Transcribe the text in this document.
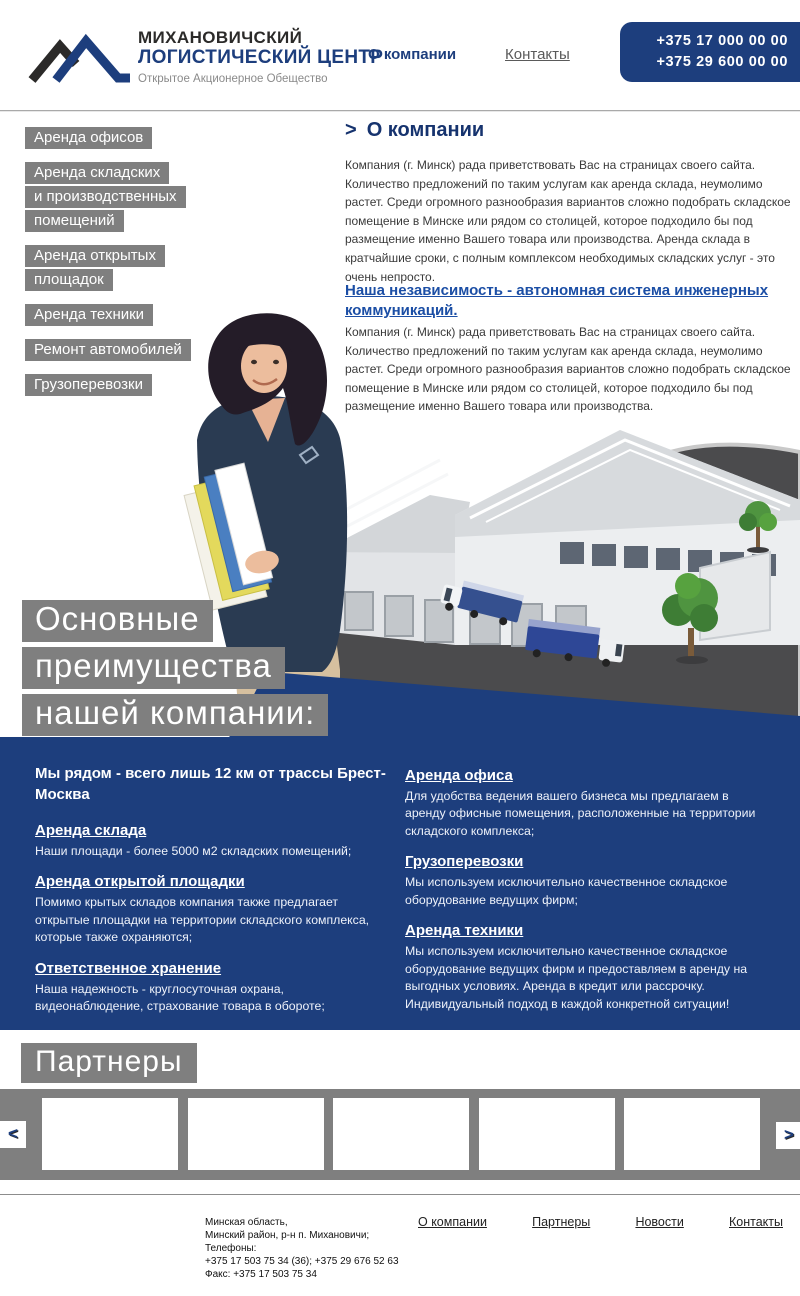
МИХАНОВИЧСКИЙ
ЛОГИСТИЧЕСКИЙ ЦЕНТР
Открытое Акционерное Обещество
О компании	Контакты
+375 17 000 00 00
+375 29 600 00 00
Аренда офисов
Аренда складских
и производственных
помещений
Аренда открытых
площадок
Аренда техники
Ремонт автомобилей
Грузоперевозки
> О компании
Компания (г. Минск) рада приветствовать Вас на страницах своего сайта. Количество предложений по таким услугам как аренда склада, неумолимо растет. Среди огромного разнообразия вариантов сложно подобрать складское помещение в Минске или рядом со столицей, которое подходило бы под размещение именно Вашего товара или производства. Аренда склада в кратчайшие сроки, с полным комплексом необходимых складских услуг - это очень непросто.
Наша независимость - автономная система инженерных коммуникаций.
Компания (г. Минск) рада приветствовать Вас на страницах своего сайта. Количество предложений по таким услугам как аренда склада, неумолимо растет. Среди огромного разнообразия вариантов сложно подобрать складское помещение в Минске или рядом со столицей, которое подходило бы под размещение именно Вашего товара или производства.
Основные
преимущества
нашей компании:
Мы рядом - всего лишь 12 км от трассы Брест-Москва
Аренда склада
Наши площади - более 5000 м2 складских помещений;
Аренда открытой площадки
Помимо крытых складов компания также предлагает открытые площадки на территории складского комплекса, которые также охраняются;
Ответственное хранение
Наша надежность - круглосуточная охрана, видеонаблюдение, страхование товара в обороте;
Аренда офиса
Для удобства ведения вашего бизнеса мы предлагаем в аренду офисные помещения, расположенные на территории складского комплекса;
Грузоперевозки
Мы используем исключительно качественное складское оборудование ведущих фирм;
Аренда техники
Мы используем исключительно качественное складское оборудование ведущих фирм и предоставляем в аренду на выгодных условиях. Аренда в кредит или рассрочку. Индивидуальный подход в каждой конкретной ситуации!
Партнеры
<	>
Минская область,
Минский район, р-н п. Михановичи;
Телефоны:
+375 17 503 75 34 (36); +375 29 676 52 63
Факс: +375 17 503 75 34
О компании	Партнеры	Новости	Контакты
